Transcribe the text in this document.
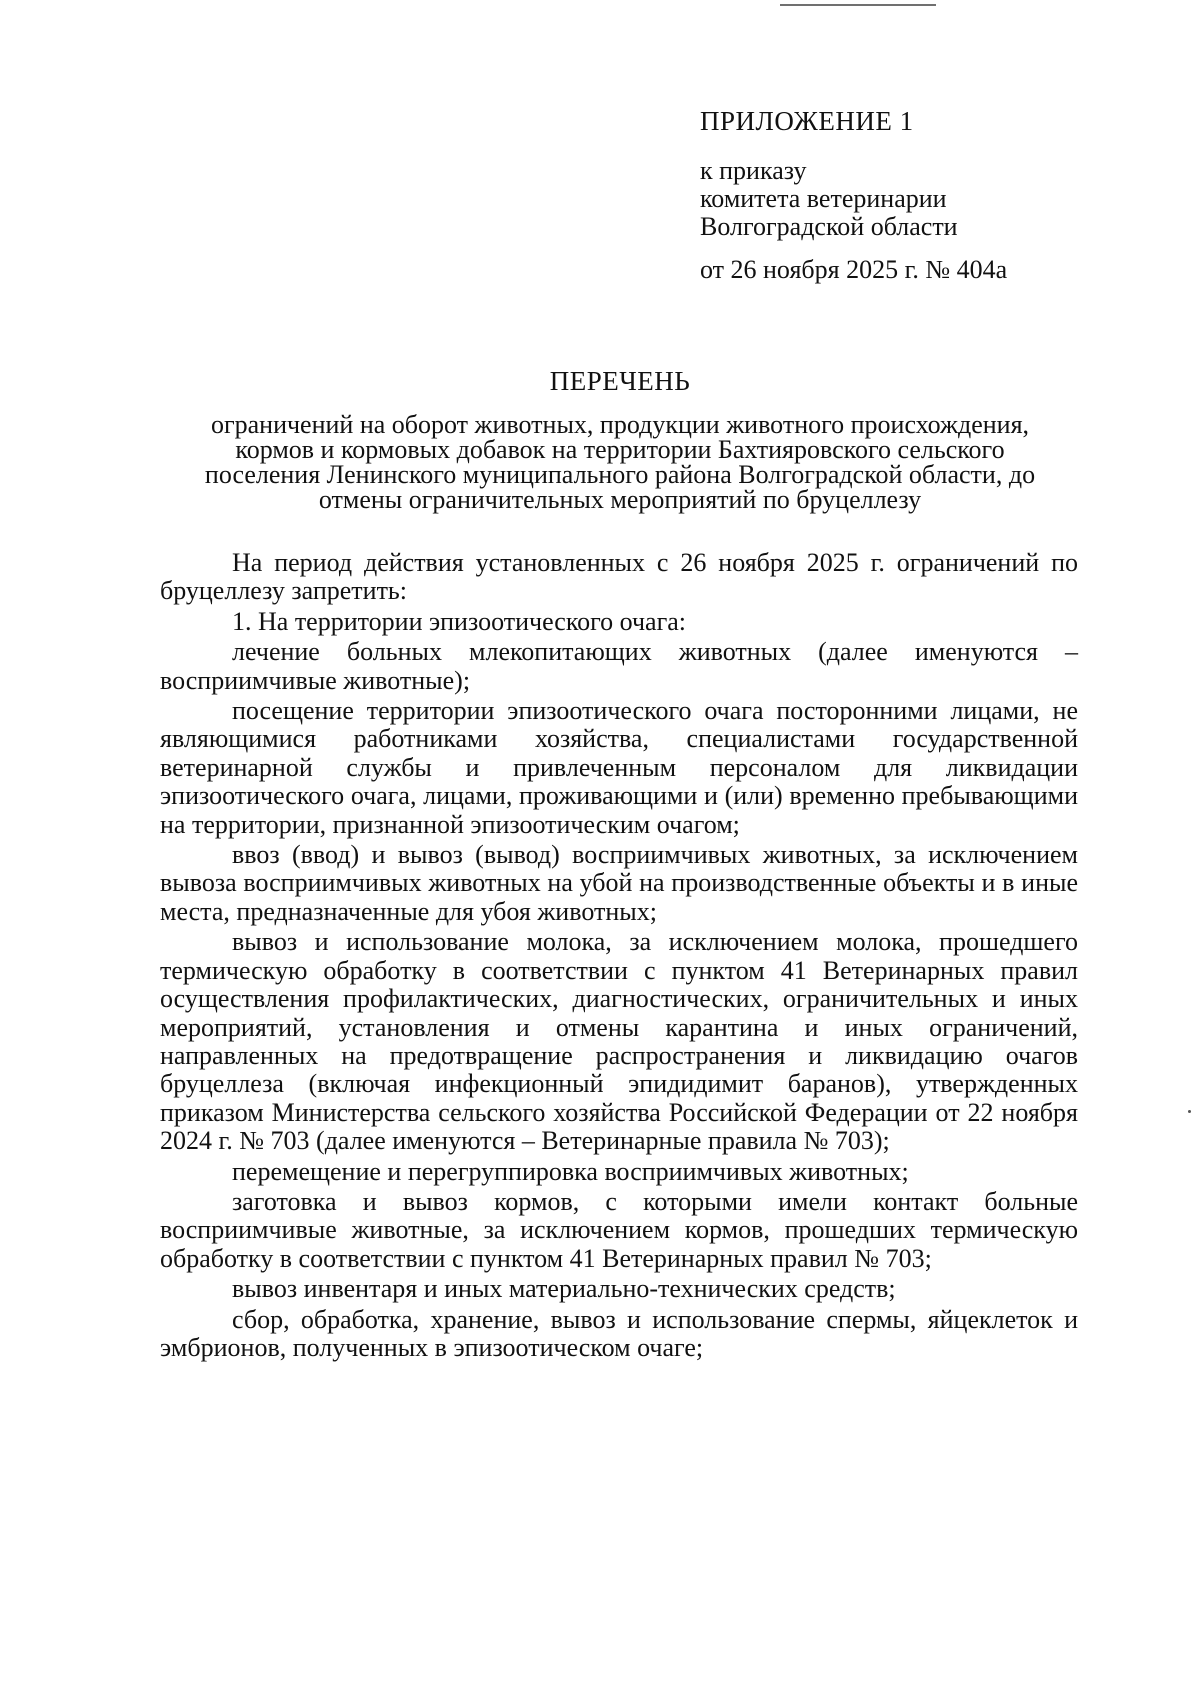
ПРИЛОЖЕНИЕ 1
к приказу
комитета ветеринарии
Волгоградской области
от 26 ноября 2025 г. № 404а
ПЕРЕЧЕНЬ
ограничений на оборот животных, продукции животного происхождения,
кормов и кормовых добавок на территории Бахтияровского сельского
поселения Ленинского муниципального района Волгоградской области, до
отмены ограничительных мероприятий по бруцеллезу

На период действия установленных с 26 ноября 2025 г. ограничений по бруцеллезу запретить:

1. На территории эпизоотического очага:

лечение больных млекопитающих животных (далее именуются – восприимчивые животные);

посещение территории эпизоотического очага посторонними лицами, не являющимися работниками хозяйства, специалистами государственной ветеринарной службы и привлеченным персоналом для ликвидации эпизоотического очага, лицами, проживающими и (или) временно пребывающими на территории, признанной эпизоотическим очагом;

ввоз (ввод) и вывоз (вывод) восприимчивых животных, за исключением вывоза восприимчивых животных на убой на производственные объекты и в иные места, предназначенные для убоя животных;

вывоз и использование молока, за исключением молока, прошедшего термическую обработку в соответствии с пунктом 41 Ветеринарных правил осуществления профилактических, диагностических, ограничительных и иных мероприятий, установления и отмены карантина и иных ограничений, направленных на предотвращение распространения и ликвидацию очагов бруцеллеза (включая инфекционный эпидидимит баранов), утвержденных приказом Министерства сельского хозяйства Российской Федерации от 22 ноября 2024 г. № 703 (далее именуются – Ветеринарные правила № 703);

перемещение и перегруппировка восприимчивых животных;

заготовка и вывоз кормов, с которыми имели контакт больные восприимчивые животные, за исключением кормов, прошедших термическую обработку в соответствии с пунктом 41 Ветеринарных правил № 703;

вывоз инвентаря и иных материально-технических средств;

сбор, обработка, хранение, вывоз и использование спермы, яйцеклеток и эмбрионов, полученных в эпизоотическом очаге;
